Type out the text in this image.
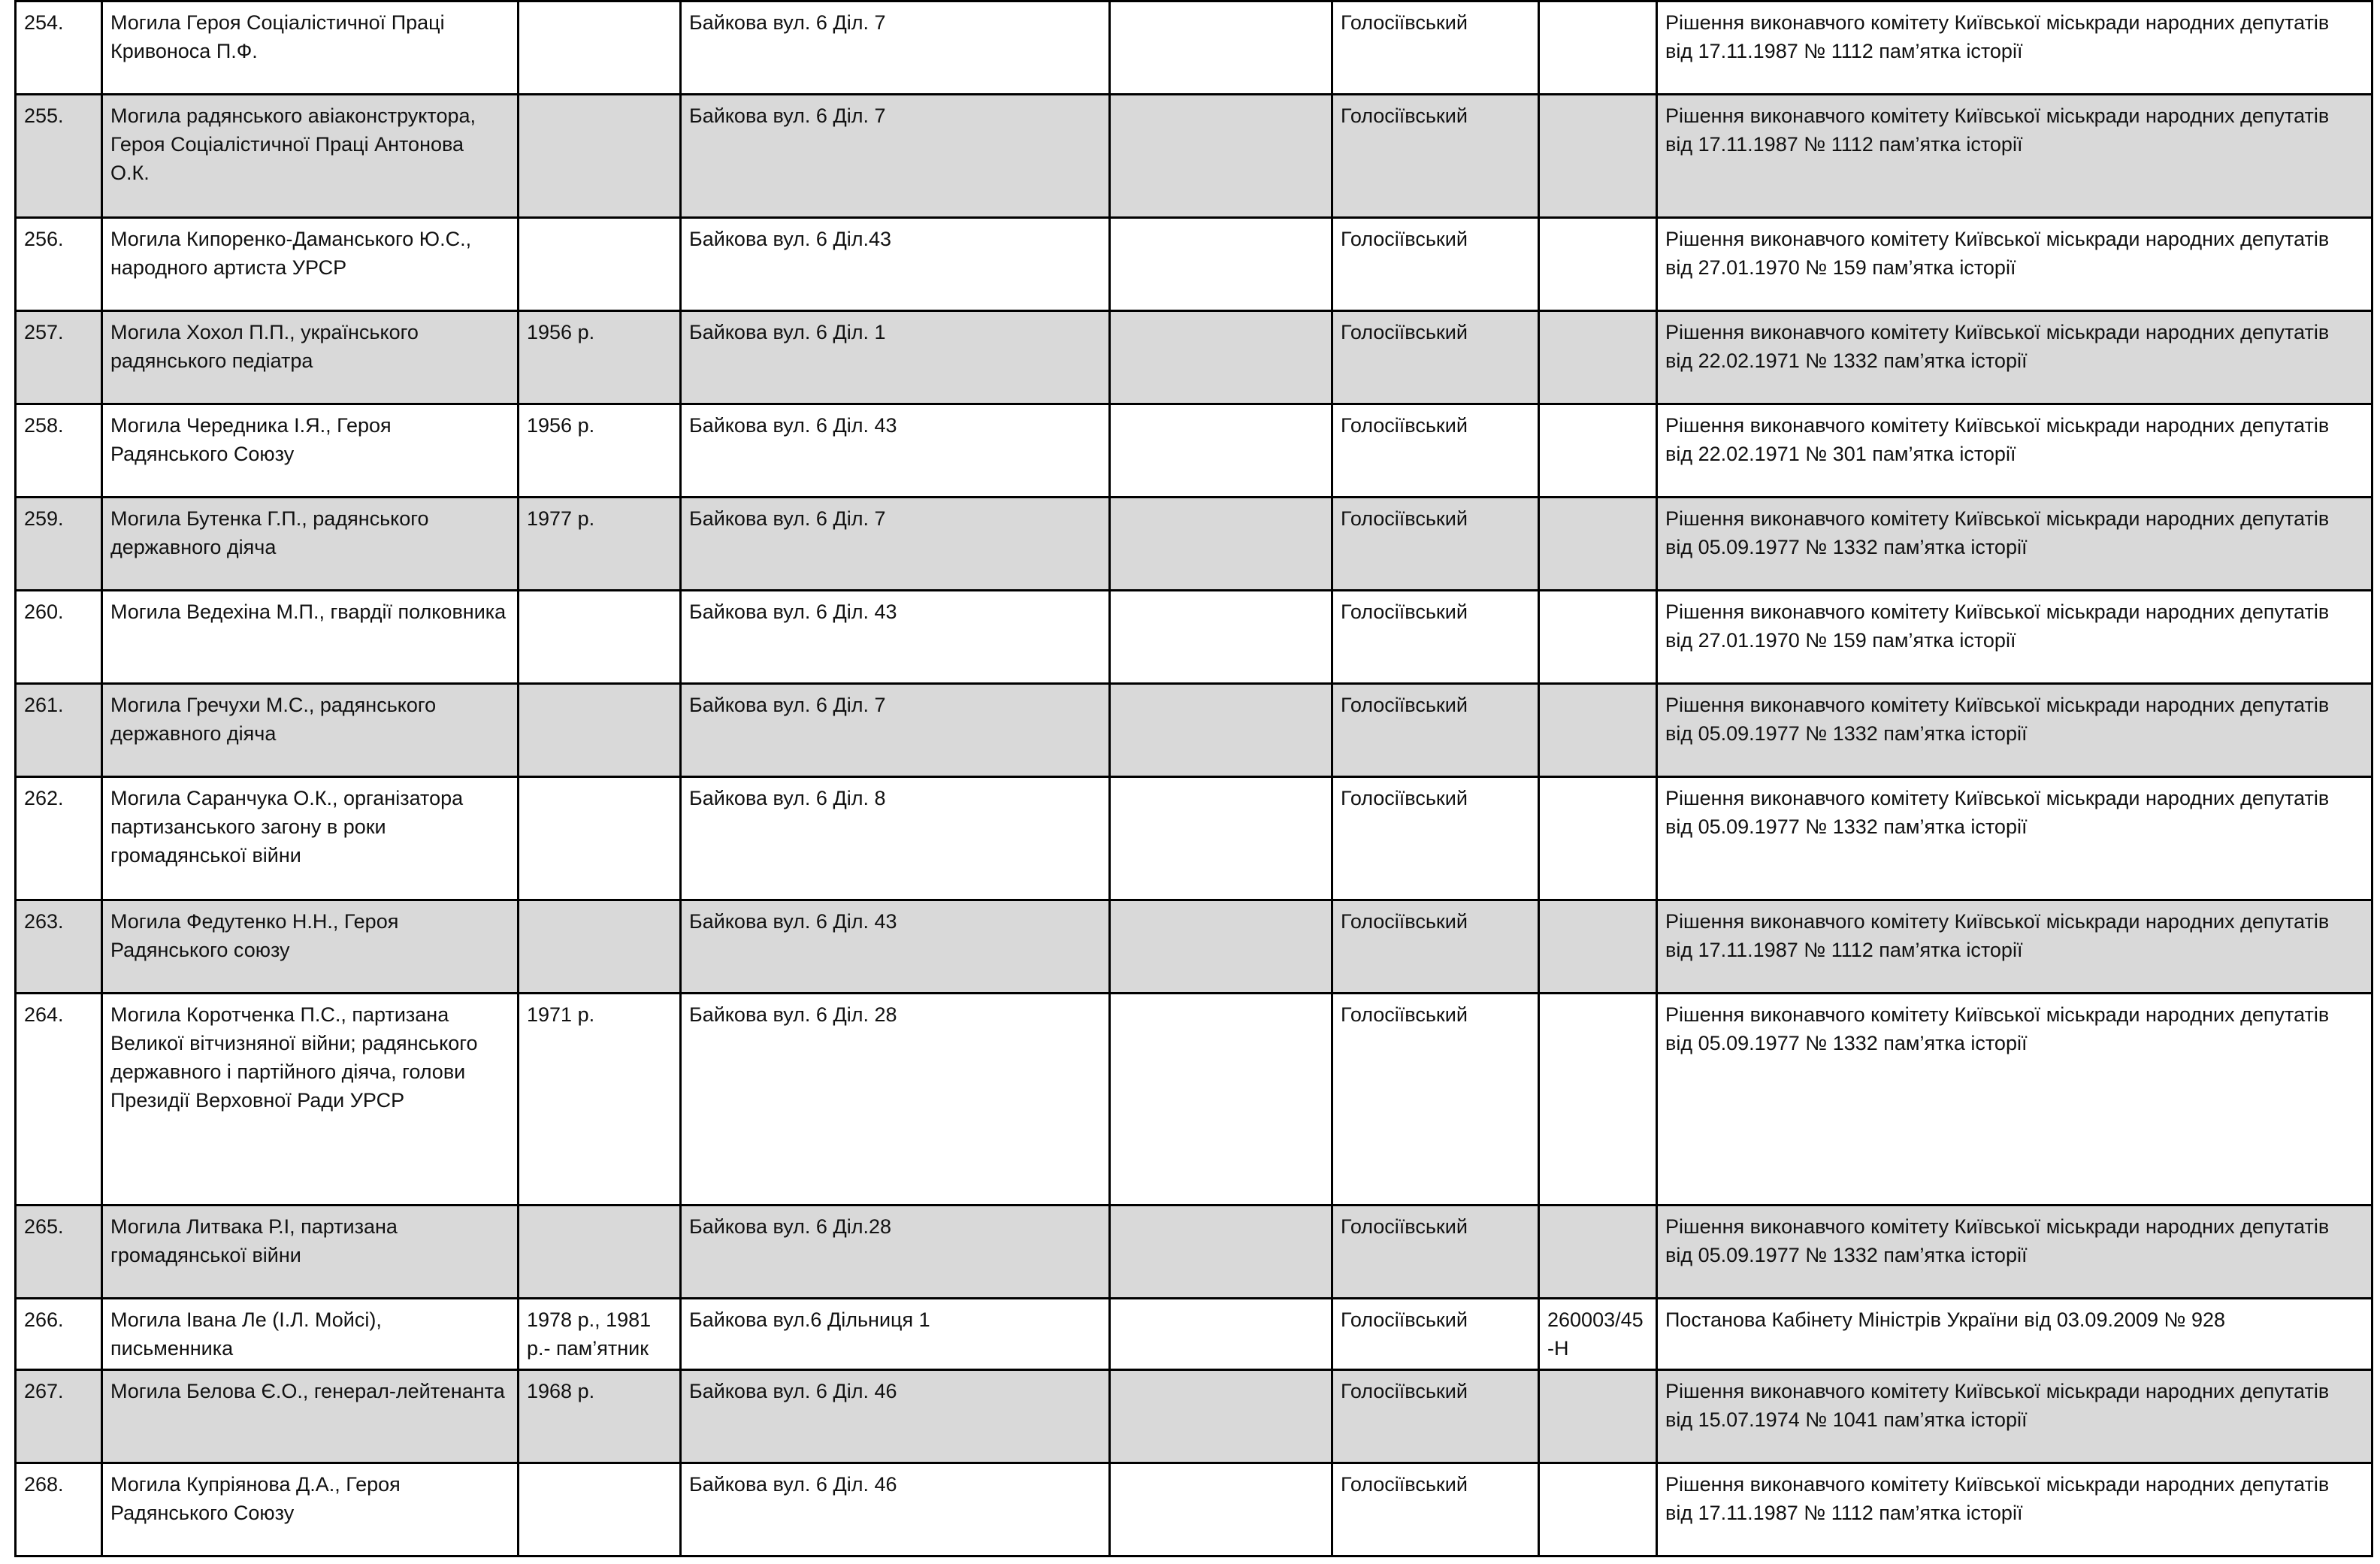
254.	Могила Героя Соціалістичної Праці Кривоноса П.Ф.		Байкова вул. 6 Діл. 7		Голосіївський		Рішення виконавчого комітету Київської міськради народних депутатів від 17.11.1987 № 1112 пам’ятка історії
255.	Могила радянського авіаконструктора, Героя Соціалістичної Праці Антонова О.К.		Байкова вул. 6 Діл. 7		Голосіївський		Рішення виконавчого комітету Київської міськради народних депутатів від 17.11.1987 № 1112 пам’ятка історії
256.	Могила Кипоренко-Даманського Ю.С., народного артиста УРСР		Байкова вул. 6 Діл.43		Голосіївський		Рішення виконавчого комітету Київської міськради народних депутатів від 27.01.1970 № 159 пам’ятка історії
257.	Могила Хохол П.П., українського радянського педіатра	1956 р.	Байкова вул. 6 Діл. 1		Голосіївський		Рішення виконавчого комітету Київської міськради народних депутатів від 22.02.1971 № 1332 пам’ятка історії
258.	Могила Чередника І.Я., Героя Радянського Союзу	1956 р.	Байкова вул. 6 Діл. 43		Голосіївський		Рішення виконавчого комітету Київської міськради народних депутатів від 22.02.1971 № 301 пам’ятка історії
259.	Могила Бутенка Г.П., радянського державного діяча	1977 р.	Байкова вул. 6 Діл. 7		Голосіївський		Рішення виконавчого комітету Київської міськради народних депутатів від 05.09.1977 № 1332 пам’ятка історії
260.	Могила Ведехіна М.П., гвардії полковника		Байкова вул. 6 Діл. 43		Голосіївський		Рішення виконавчого комітету Київської міськради народних депутатів від 27.01.1970 № 159 пам’ятка історії
261.	Могила Гречухи М.С., радянського державного діяча		Байкова вул. 6 Діл. 7		Голосіївський		Рішення виконавчого комітету Київської міськради народних депутатів від 05.09.1977 № 1332 пам’ятка історії
262.	Могила Саранчука О.К., організатора партизанського загону в роки громадянської війни		Байкова вул. 6 Діл. 8		Голосіївський		Рішення виконавчого комітету Київської міськради народних депутатів від 05.09.1977 № 1332 пам’ятка історії
263.	Могила Федутенко Н.Н., Героя Радянського союзу		Байкова вул. 6 Діл. 43		Голосіївський		Рішення виконавчого комітету Київської міськради народних депутатів від 17.11.1987 № 1112 пам’ятка історії
264.	Могила Коротченка П.С., партизана Великої вітчизняної війни; радянського державного і партійного діяча, голови Президії Верховної Ради УРСР	1971 р.	Байкова вул. 6 Діл. 28		Голосіївський		Рішення виконавчого комітету Київської міськради народних депутатів від 05.09.1977 № 1332 пам’ятка історії
265.	Могила Литвака Р.І, партизана громадянської війни		Байкова вул. 6 Діл.28		Голосіївський		Рішення виконавчого комітету Київської міськради народних депутатів від 05.09.1977 № 1332 пам’ятка історії
266.	Могила Івана Ле (І.Л. Мойсі), письменника	1978 р., 1981 р.- пам’ятник	Байкова вул.6 Дільниця 1		Голосіївський	260003/45-Н	Постанова Кабінету Міністрів України від 03.09.2009 № 928
267.	Могила Белова Є.О., генерал-лейтенанта	1968 р.	Байкова вул. 6 Діл. 46		Голосіївський		Рішення виконавчого комітету Київської міськради народних депутатів від 15.07.1974 № 1041 пам’ятка історії
268.	Могила Купріянова Д.А., Героя Радянського Союзу		Байкова вул. 6 Діл. 46		Голосіївський		Рішення виконавчого комітету Київської міськради народних депутатів від 17.11.1987 № 1112 пам’ятка історії
